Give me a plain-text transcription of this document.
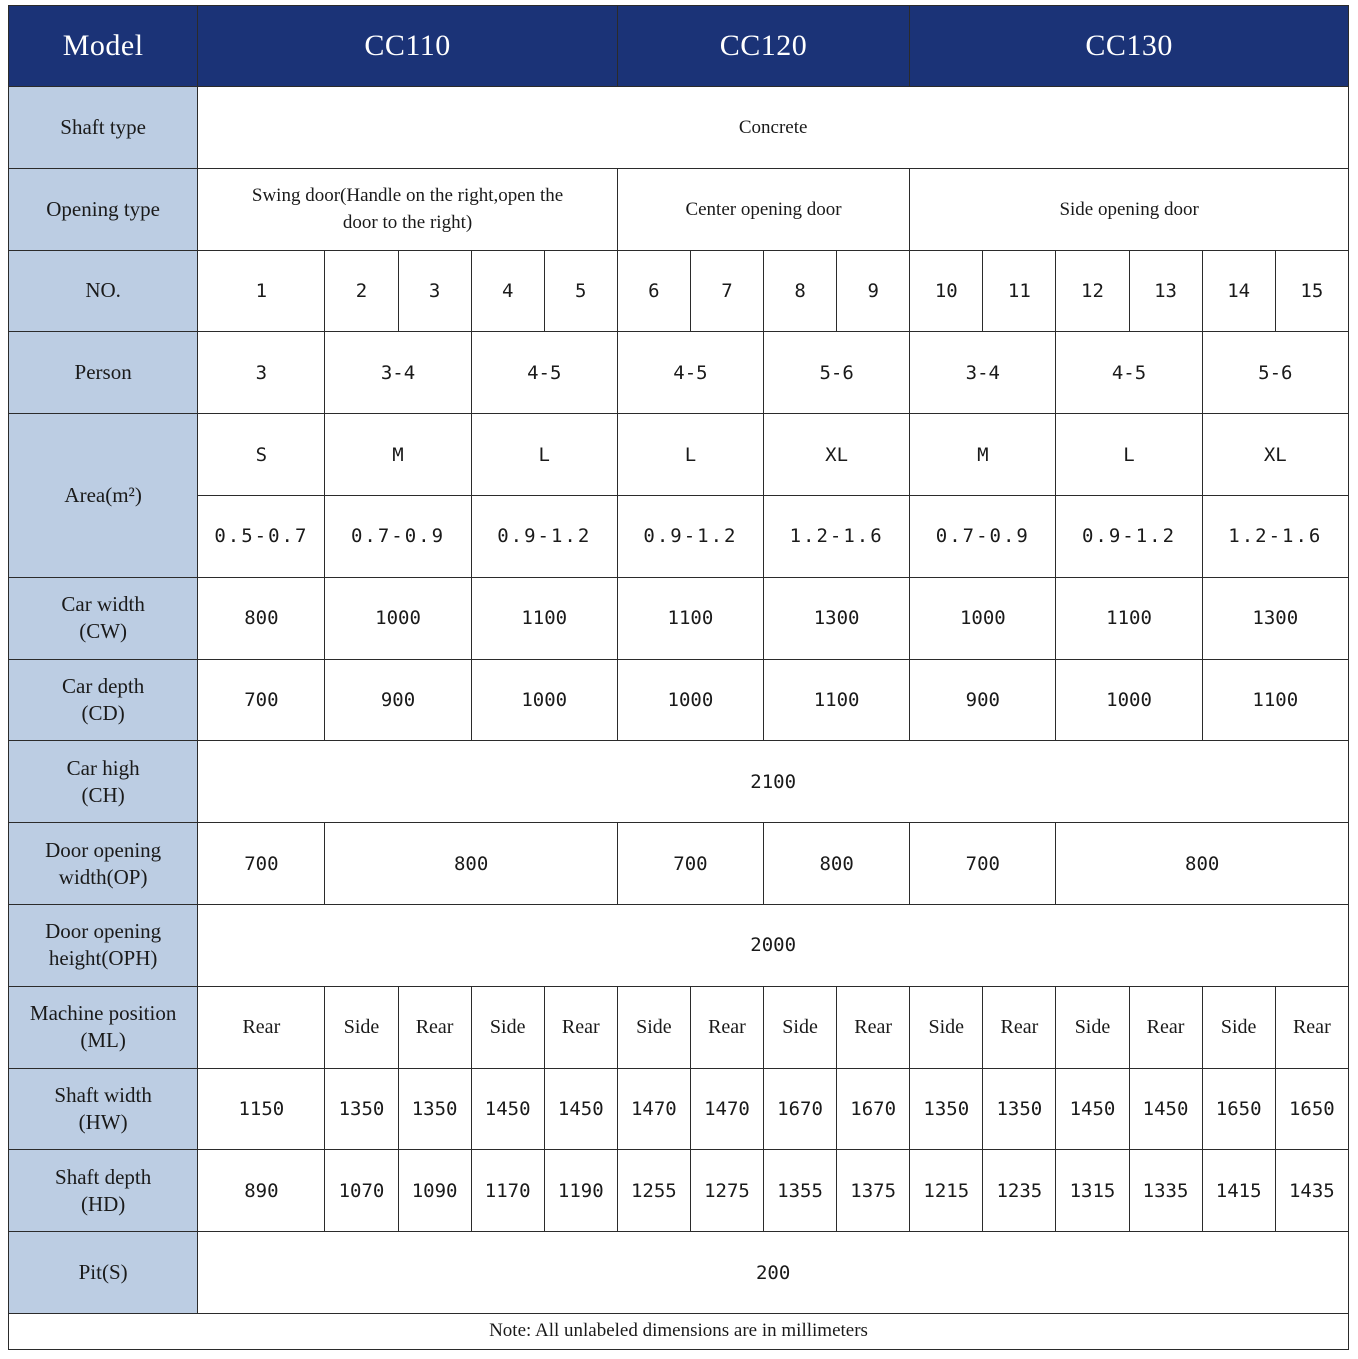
Model	CC110					CC120				CC130					
Shaft type	Concrete														
Opening type	Swing door(Handle on the right,open the door to the right)					Center opening door				Side opening door					
NO.	1	2	3	4	5	6	7	8	9	10	11	12	13	14	15
Person	3	3-4		4-5		4-5		5-6		3-4		4-5		5-6	
Area(m²)	S	M		L		L		XL		M		L		XL	
	0.5-0.7	0.7-0.9		0.9-1.2		0.9-1.2		1.2-1.6		0.7-0.9		0.9-1.2		1.2-1.6	
Car width
(CW)	800	1000		1100		1100		1300		1000		1100		1300	
Car depth
(CD)	700	900		1000		1000		1100		900		1000		1100	
Car high
(CH)	2100														
Door opening
width(OP)	700	800				700		800		700		800			
Door opening
height(OPH)	2000														
Machine position
(ML)	Rear	Side	Rear	Side	Rear	Side	Rear	Side	Rear	Side	Rear	Side	Rear	Side	Rear
Shaft width
(HW)	1150	1350	1350	1450	1450	1470	1470	1670	1670	1350	1350	1450	1450	1650	1650
Shaft depth
(HD)	890	1070	1090	1170	1190	1255	1275	1355	1375	1215	1235	1315	1335	1415	1435
Pit(S)	200														
Note: All unlabeled dimensions are in millimeters															
